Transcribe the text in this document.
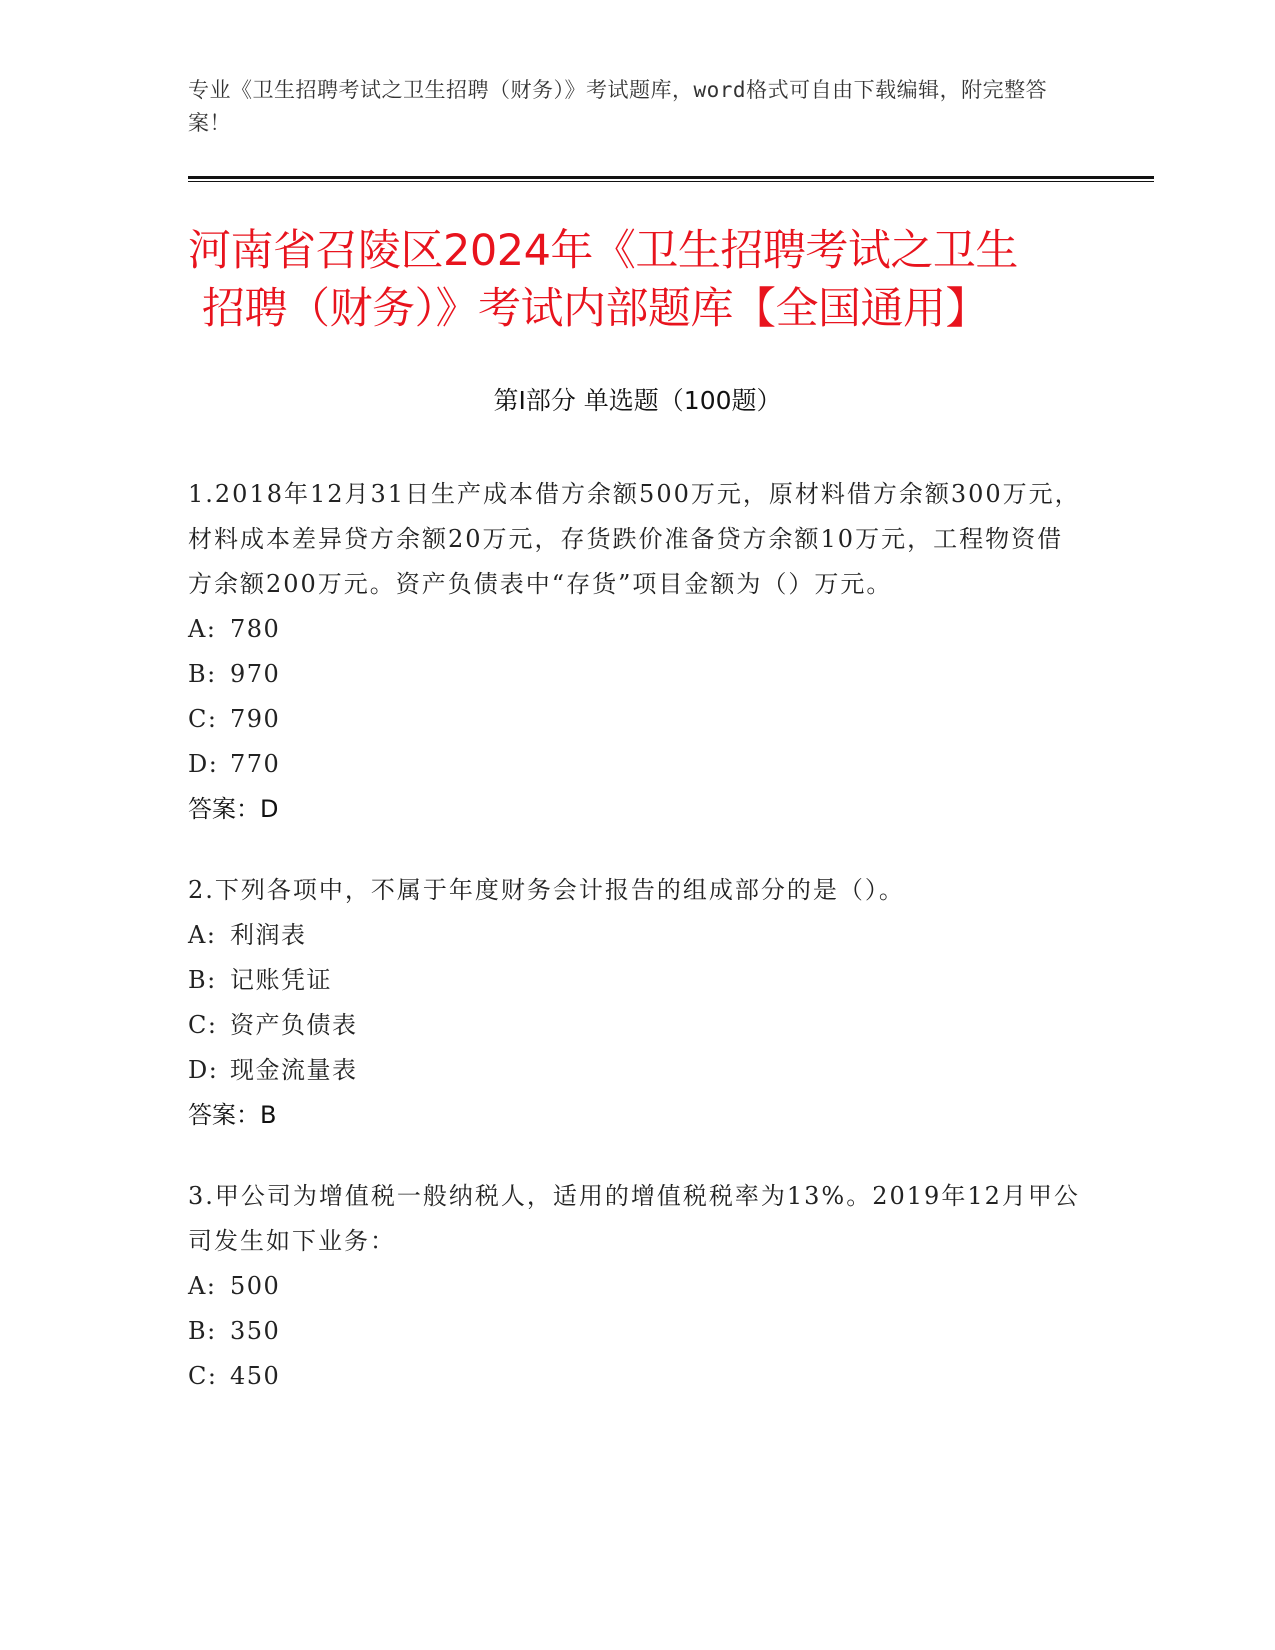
专业《卫生招聘考试之卫生招聘（财务）》考试题库，word格式可自由下载编辑，附完整答案！
河南省召陵区2024年《卫生招聘考试之卫生
招聘（财务）》考试内部题库【全国通用】
第Ⅰ部分 单选题（100题）

1.2018年12月31日生产成本借方余额500万元，原材料借方余额300万元，材料成本差异贷方余额20万元，存货跌价准备贷方余额10万元，工程物资借方余额200万元。资产负债表中“存货”项目金额为（）万元。

A: 780
B: 970
C: 790
D: 770
答案：D

2.下列各项中，不属于年度财务会计报告的组成部分的是（）。

A: 利润表
B: 记账凭证
C: 资产负债表
D: 现金流量表
答案：B

3.甲公司为增值税一般纳税人，适用的增值税税率为13%。2019年12月甲公司发生如下业务：

A: 500
B: 350
C: 450
